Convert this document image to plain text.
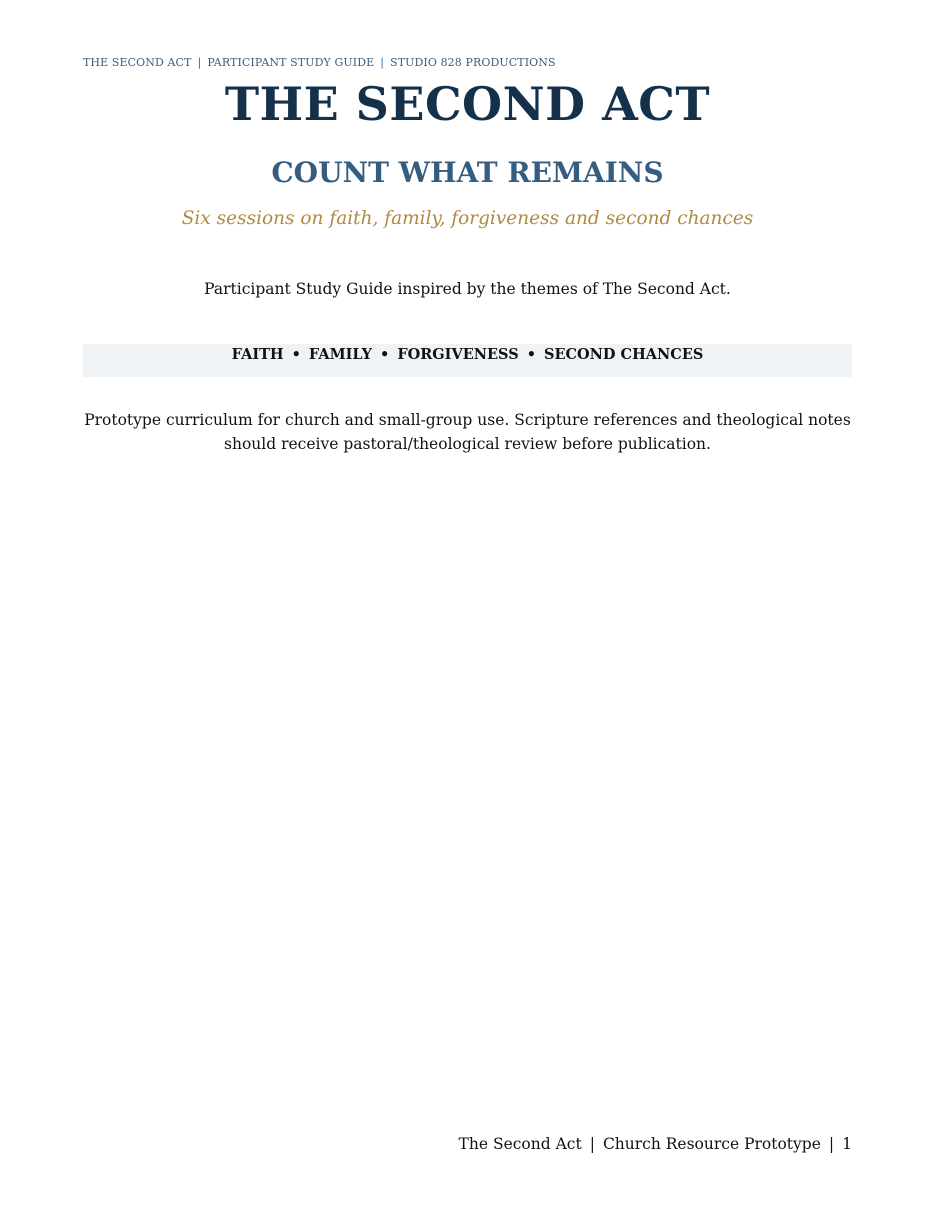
THE SECOND ACT | PARTICIPANT STUDY GUIDE | STUDIO 828 PRODUCTIONS
THE SECOND ACT
COUNT WHAT REMAINS
Six sessions on faith, family, forgiveness and second chances
Participant Study Guide inspired by the themes of The Second Act.
FAITH • FAMILY • FORGIVENESS • SECOND CHANCES
Prototype curriculum for church and small-group use. Scripture references and theological notes should receive pastoral/theological review before publication.
The Second Act | Church Resource Prototype | 1
